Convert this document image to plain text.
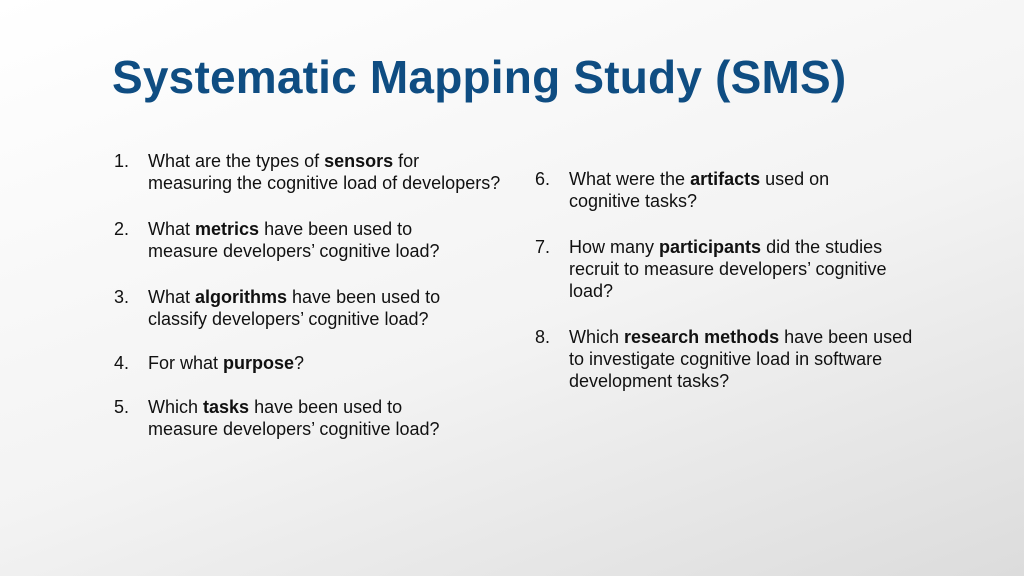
Systematic Mapping Study (SMS)
1. What are the types of sensors for measuring the cognitive load of developers?
2. What metrics have been used to measure developers’ cognitive load?
3. What algorithms have been used to classify developers’ cognitive load?
4. For what purpose?
5. Which tasks have been used to measure developers’ cognitive load?
6. What were the artifacts used on cognitive tasks?
7. How many participants did the studies recruit to measure developers’ cognitive load?
8. Which research methods have been used to investigate cognitive load in software development tasks?
